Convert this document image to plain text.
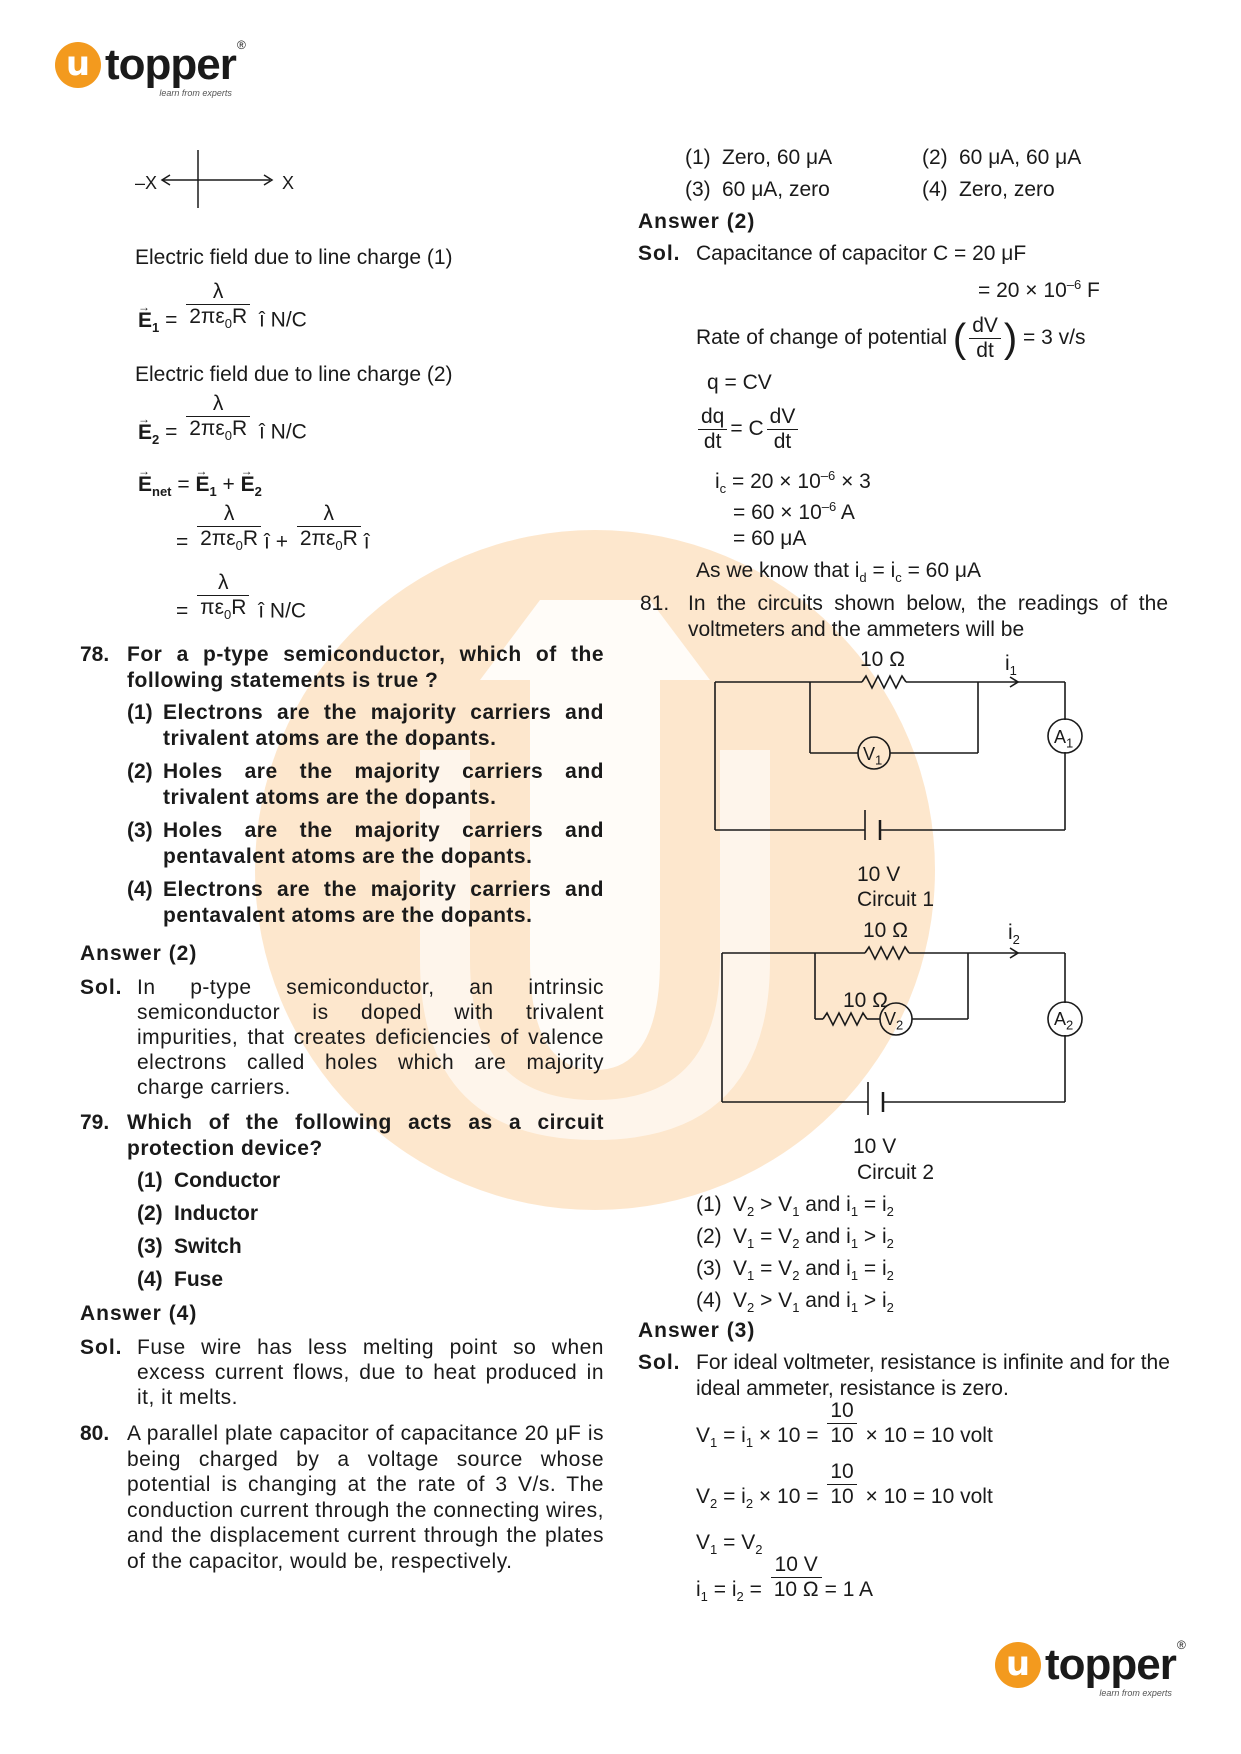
u topper ®
learn from experts
–X	X
Electric field due to line charge (1)
→ $E_1 = \frac{\lambda}{2\pi\varepsilon_0R}$ î N/C
Electric field due to line charge (2)
→ $E_2 = \frac{\lambda}{2\pi\varepsilon_0R}$ î N/C
→ $E_{net}$ = → $E_1$ + → $E_2$
= $\frac{\lambda}{2\pi\varepsilon_0R}$ î + $\frac{\lambda}{2\pi\varepsilon_0R}$ î
= $\frac{\lambda}{\pi\varepsilon_0R}$ î N/C
78. For a p-type semiconductor, which of the following statements is true ?
(1) Electrons are the majority carriers and trivalent atoms are the dopants.
(2) Holes are the majority carriers and trivalent atoms are the dopants.
(3) Holes are the majority carriers and pentavalent atoms are the dopants.
(4) Electrons are the majority carriers and pentavalent atoms are the dopants.
Answer (2)
Sol. In p-type semiconductor, an intrinsic semiconductor is doped with trivalent impurities, that creates deficiencies of valence electrons called holes which are majority charge carriers.
79. Which of the following acts as a circuit protection device?
(1) Conductor
(2) Inductor
(3) Switch
(4) Fuse
Answer (4)
Sol. Fuse wire has less melting point so when excess current flows, due to heat produced in it, it melts.
80. A parallel plate capacitor of capacitance 20 μF is being charged by a voltage source whose potential is changing at the rate of 3 V/s. The conduction current through the connecting wires, and the displacement current through the plates of the capacitor, would be, respectively.
(1) Zero, 60 μA	(2) 60 μA, 60 μA
(3) 60 μA, zero	(4) Zero, zero
Answer (2)
Sol. Capacitance of capacitor C = 20 μF
= $20 \times 10^{-6}$ F
Rate of change of potential ( $\frac{dV}{dt}$ ) = 3 v/s
q = CV
$\frac{dq}{dt} = C \frac{dV}{dt}$
$i_c = 20 \times 10^{-6} \times 3$
= $60 \times 10^{-6}$ A
= 60 μA
As we know that $i_d = i_c = 60$ μA
81. In the circuits shown below, the readings of the voltmeters and the ammeters will be
10 Ω	$i_1$
$V_1$
$A_1$
10 V
Circuit 1
10 Ω	$i_2$
10 Ω
$V_2$	$A_2$
10 V
Circuit 2
(1) $V_2 > V_1$ and $i_1 = i_2$
(2) $V_1 = V_2$ and $i_1 > i_2$
(3) $V_1 = V_2$ and $i_1 = i_2$
(4) $V_2 > V_1$ and $i_1 > i_2$
Answer (3)
Sol. For ideal voltmeter, resistance is infinite and for the ideal ammeter, resistance is zero.
$V_1 = i_1 \times 10 = \frac{10}{10} \times 10 = 10$ volt
$V_2 = i_2 \times 10 = \frac{10}{10} \times 10 = 10$ volt
$V_1 = V_2$
$i_1 = i_2 = \frac{10 V}{10 \Omega} = 1$ A
u topper ®
learn from experts
